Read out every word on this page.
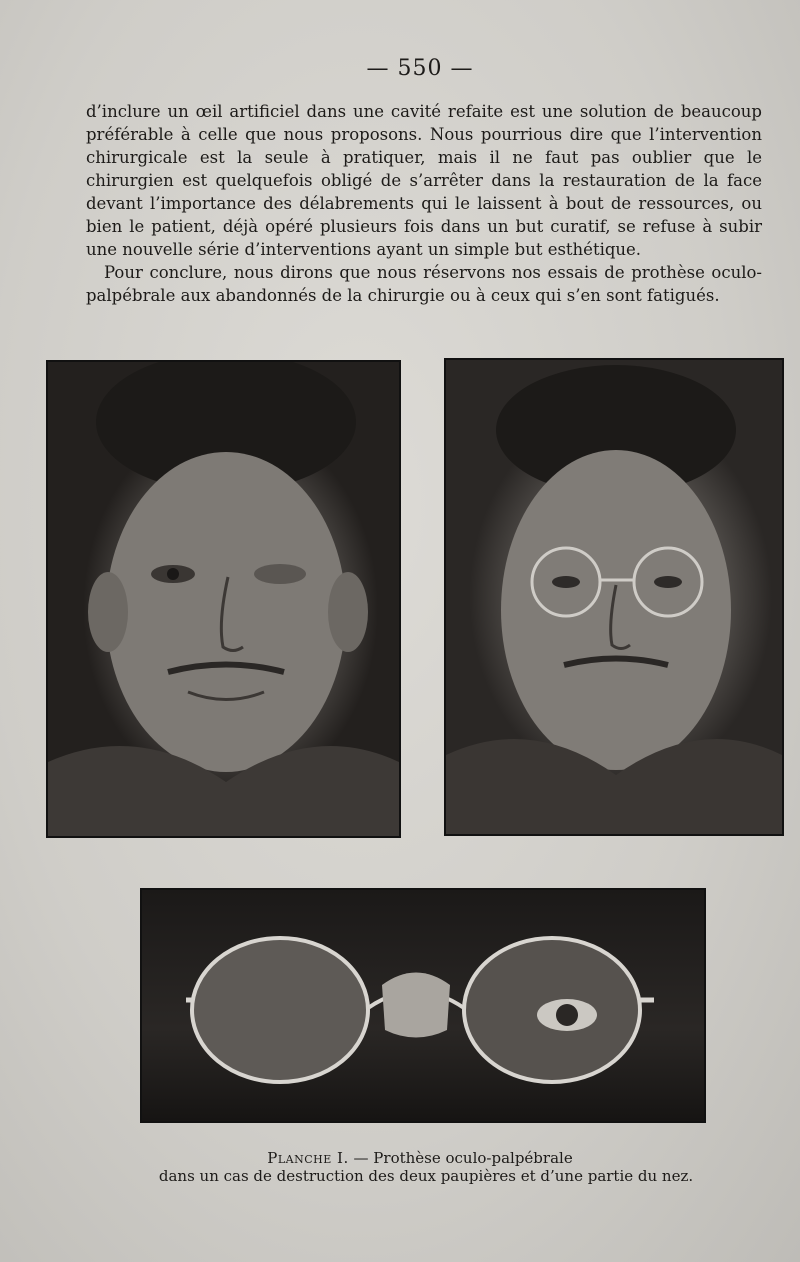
— 550 —

d’inclure un œil artificiel dans une cavité refaite est une solution de beaucoup préférable à celle que nous proposons. Nous pourrious dire que l’intervention chirurgicale est la seule à pratiquer, mais il ne faut pas oublier que le chirurgien est quelquefois obligé de s’arrêter dans la restauration de la face devant l’importance des délabrements qui le laissent à bout de ressources, ou bien le patient, déjà opéré plusieurs fois dans un but curatif, se refuse à subir une nouvelle série d’interventions ayant un simple but esthétique.

Pour conclure, nous dirons que nous réservons nos essais de prothèse oculo-palpébrale aux abandonnés de la chirurgie ou à ceux qui s’en sont fatigués.

Planche I. — Prothèse oculo-palpébrale
dans un cas de destruction des deux paupières et d’une partie du nez.
